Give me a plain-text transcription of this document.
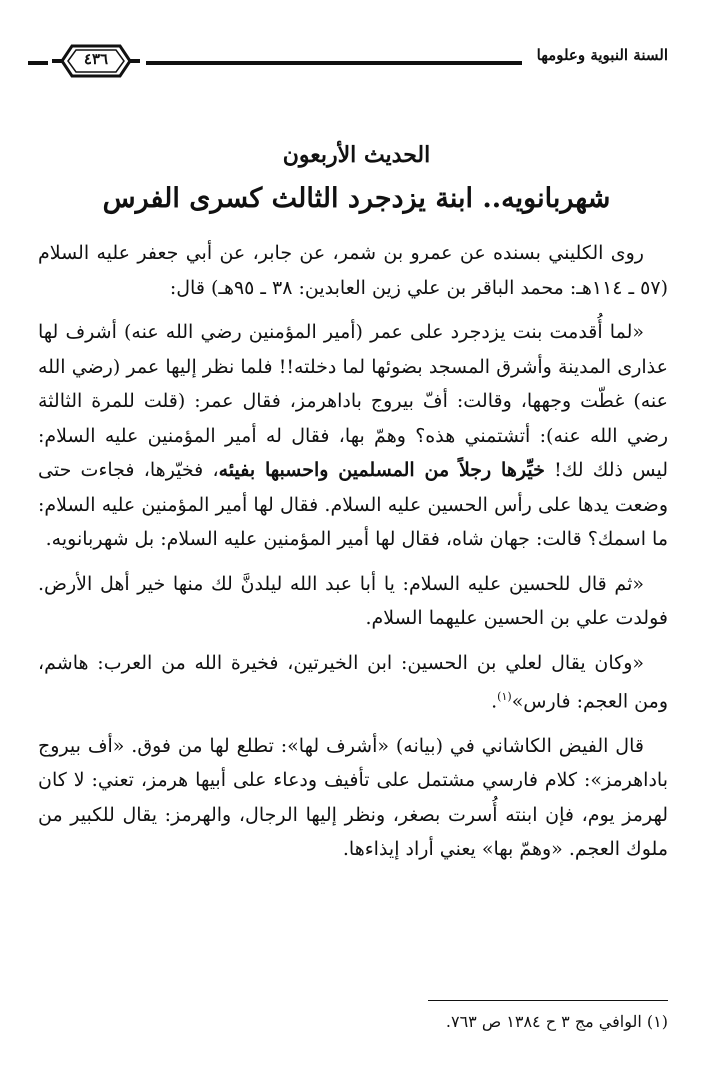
٤٣٦	السنة النبوية وعلومها
الحديث الأربعون
شهربانويه.. ابنة يزدجرد الثالث كسرى الفرس

روى الكليني بسنده عن عمرو بن شمر، عن جابر، عن أبي جعفر عليه السلام (٥٧ ـ ١١٤هـ: محمد الباقر بن علي زين العابدين: ٣٨ ـ ٩٥هـ) قال:

«لما أُقدمت بنت يزدجرد على عمر (أمير المؤمنين رضي الله عنه) أشرف لها عذارى المدينة وأشرق المسجد بضوئها لما دخلته!! فلما نظر إليها عمر (رضي الله عنه) غطّت وجهها، وقالت: أفّ بيروج باداهرمز، فقال عمر: (قلت للمرة الثالثة رضي الله عنه): أتشتمني هذه؟ وهمّ بها، فقال له أمير المؤمنين عليه السلام: ليس ذلك لك! خيِّرها رجلاً من المسلمين واحسبها بفيئه، فخيّرها، فجاءت حتى وضعت يدها على رأس الحسين عليه السلام. فقال لها أمير المؤمنين عليه السلام: ما اسمك؟ قالت: جهان شاه، فقال لها أمير المؤمنين عليه السلام: بل شهربانويه.

«ثم قال للحسين عليه السلام: يا أبا عبد الله ليلدنَّ لك منها خير أهل الأرض. فولدت علي بن الحسين عليهما السلام.

«وكان يقال لعلي بن الحسين: ابن الخيرتين، فخيرة الله من العرب: هاشم، ومن العجم: فارس»$^{(١)}$.

قال الفيض الكاشاني في (بيانه) «أشرف لها»: تطلع لها من فوق. «أف بيروج باداهرمز»: كلام فارسي مشتمل على تأفيف ودعاء على أبيها هرمز، تعني: لا كان لهرمز يوم، فإن ابنته أُسرت بصغر، ونظر إليها الرجال، والهرمز: يقال للكبير من ملوك العجم. «وهمّ بها» يعني أراد إيذاءها.

(١) الوافي مج ٣ ح ١٣٨٤ ص ٧٦٣.
